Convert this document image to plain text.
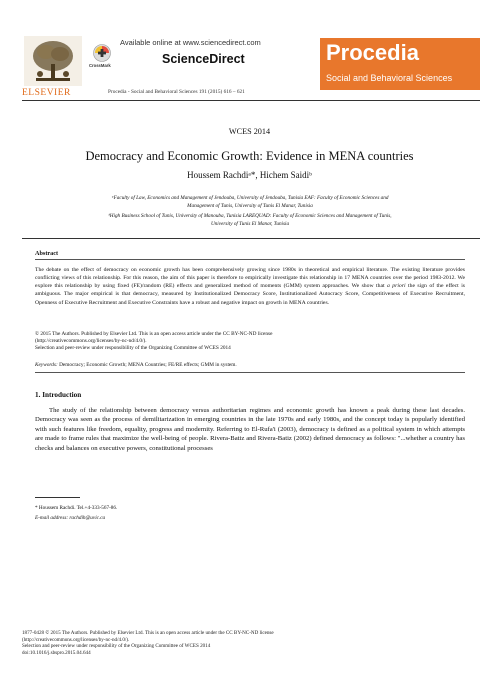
ELSEVIER
CrossMark
Available online at www.sciencedirect.com
ScienceDirect
Procedia - Social and Behavioral Sciences 191 (2015) 616 – 621
Procedia
Social and Behavioral Sciences
WCES 2014
Democracy and Economic Growth: Evidence in MENA countries
Houssem Rachdiᵃ*, Hichem Saidiᵇ
ᵃFaculty of Law, Economics and Management of Jendouba, University of Jendouba, Tunisia EAF: Faculty of Economic Sciences and
Management of Tunis, University of Tunis El Manar, Tunisia
ᵇHigh Business School of Tunis, University of Manouba, Tunisia LAREQUAD: Faculty of Economic Sciences and Management of Tunis,
University of Tunis El Manar, Tunisia
Abstract
The debate on the effect of democracy on economic growth has been comprehensively growing since 1980s in theoretical and empirical literature. The existing literature provides conflicting views of this relationship. For this reason, the aim of this paper is therefore to empirically investigate this relationship in 17 MENA countries over the period 1983-2012. We explore this relationship by using fixed (FE)/random (RE) effects and generalized method of moments (GMM) system approaches. We show that a priori the sign of the effect is ambiguous. The major empirical is that democracy, measured by Institutionalized Democracy Score, Institutionalized Autocracy Score, Competitiveness of Executive Recruitment, Openness of Executive Recruitment and Executive Constraints have a robust and negative impact on growth in MENA countries.
© 2015 The Authors. Published by Elsevier Ltd. This is an open access article under the CC BY-NC-ND license
(http://creativecommons.org/licenses/by-nc-nd/4.0/).
Selection and peer-review under responsibility of the Organizing Committee of WCES 2014
Keywords: Democracy; Economic Growth; MENA Countries; FE/RE effects; GMM in system.
1. Introduction
The study of the relationship between democracy versus authoritarian regimes and economic growth has known a peak during these last decades. Democracy was seen as the process of demilitarization in emerging countries in the late 1970s and early 1980s, and the concept today is popularly identified with such features like freedom, equality, progress and modernity. Referring to El-Rufa'i (2003), democracy is defined as a political system in which attempts are made to frame rules that maximize the well-being of people. Rivera-Batiz and Rivera-Batiz (2002) defined democracy as follows: "...whether a country has checks and balances on executive powers, constitutional processes
* Houssem Rachdi. Tel.+4-333-567-86.
E-mail address: rachdih@uvic.ca
1877-0428 © 2015 The Authors. Published by Elsevier Ltd. This is an open access article under the CC BY-NC-ND license
(http://creativecommons.org/licenses/by-nc-nd/4.0/).
Selection and peer-review under responsibility of the Organizing Committee of WCES 2014
doi:10.1016/j.sbspro.2015.04.644
